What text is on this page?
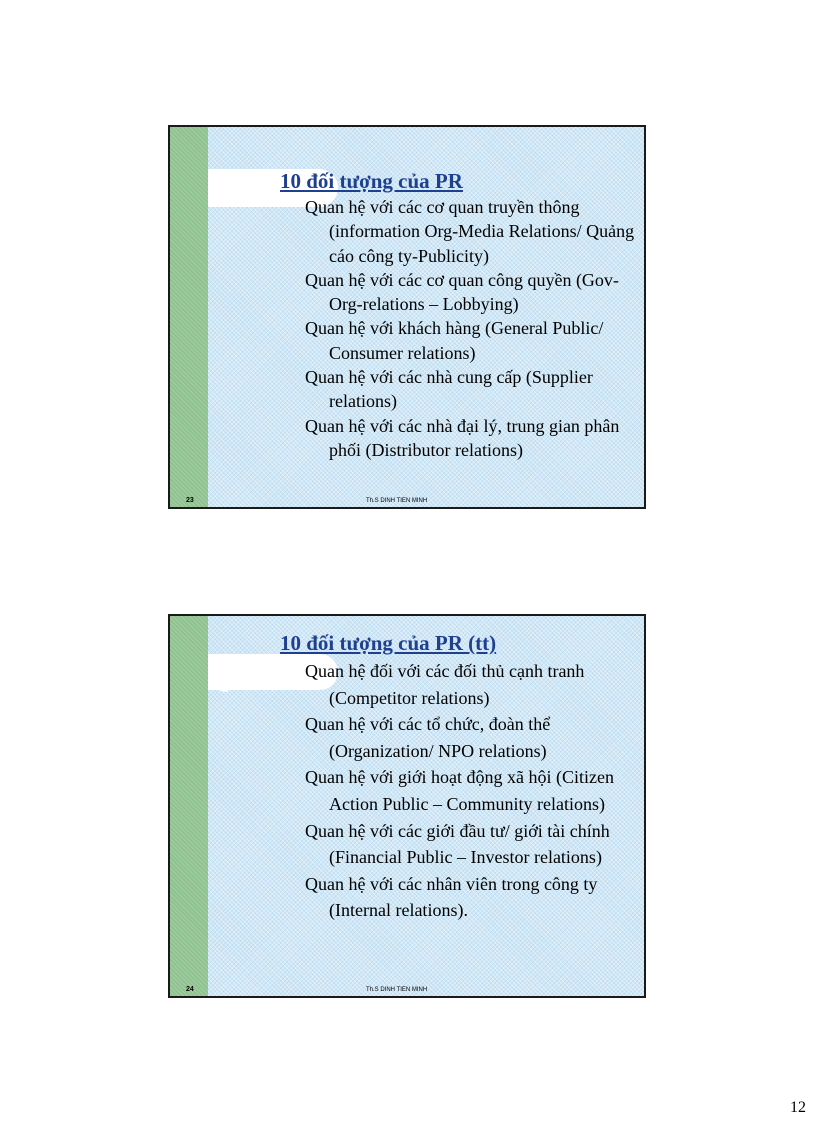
10 đối tượng của PR
Quan hệ với các cơ quan truyền thông (information Org-Media Relations/ Quảng cáo công ty-Publicity)
Quan hệ với các cơ quan công quyền (Gov-Org-relations – Lobbying)
Quan hệ với khách hàng (General Public/ Consumer relations)
Quan hệ với các nhà cung cấp (Supplier relations)
Quan hệ với các nhà đại lý, trung gian phân phối (Distributor relations)
23	Th.S DINH TIEN MINH
10 đối tượng của PR (tt)
Quan hệ đối với các đối thủ cạnh tranh (Competitor relations)
Quan hệ với các tổ chức, đoàn thể (Organization/ NPO relations)
Quan hệ với giới hoạt động xã hội (Citizen Action Public – Community relations)
Quan hệ với các giới đầu tư/ giới tài chính (Financial Public – Investor relations)
Quan hệ với các nhân viên trong công ty (Internal relations).
24	Th.S DINH TIEN MINH
12
